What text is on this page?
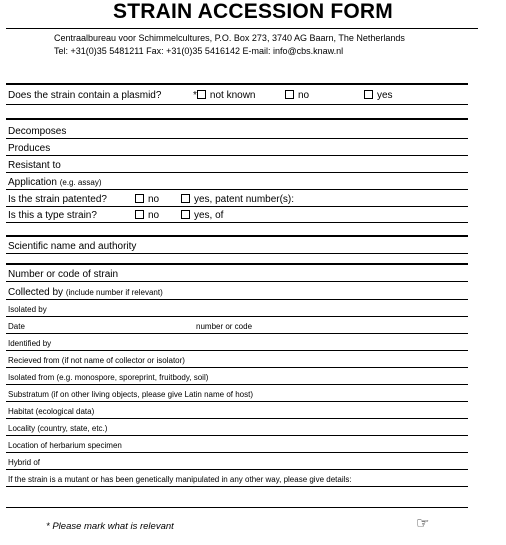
STRAIN ACCESSION FORM
Centraalbureau voor Schimmelcultures, P.O. Box 273, 3740 AG Baarn, The Netherlands
Tel: +31(0)35 5481211 Fax: +31(0)35 5416142 E-mail: info@cbs.knaw.nl
Does the strain contain a plasmid?	* not known	no	yes
Decomposes
Produces
Resistant to
Application (e.g. assay)
Is the strain patented?	no	yes, patent number(s):
Is this a type strain?	no	yes, of
Scientific name and authority
Number or code of strain
Collected by (include number if relevant)
Isolated by
Date	number or code
Identified by
Recieved from (if not name of collector or isolator)
Isolated from (e.g. monospore, sporeprint, fruitbody, soil)
Substratum (if on other living objects, please give Latin name of host)
Habitat (ecological data)
Locality (country, state, etc.)
Location of herbarium specimen
Hybrid of
If the strain is a mutant or has been genetically manipulated in any other way, please give details:
* Please mark what is relevant	☞
